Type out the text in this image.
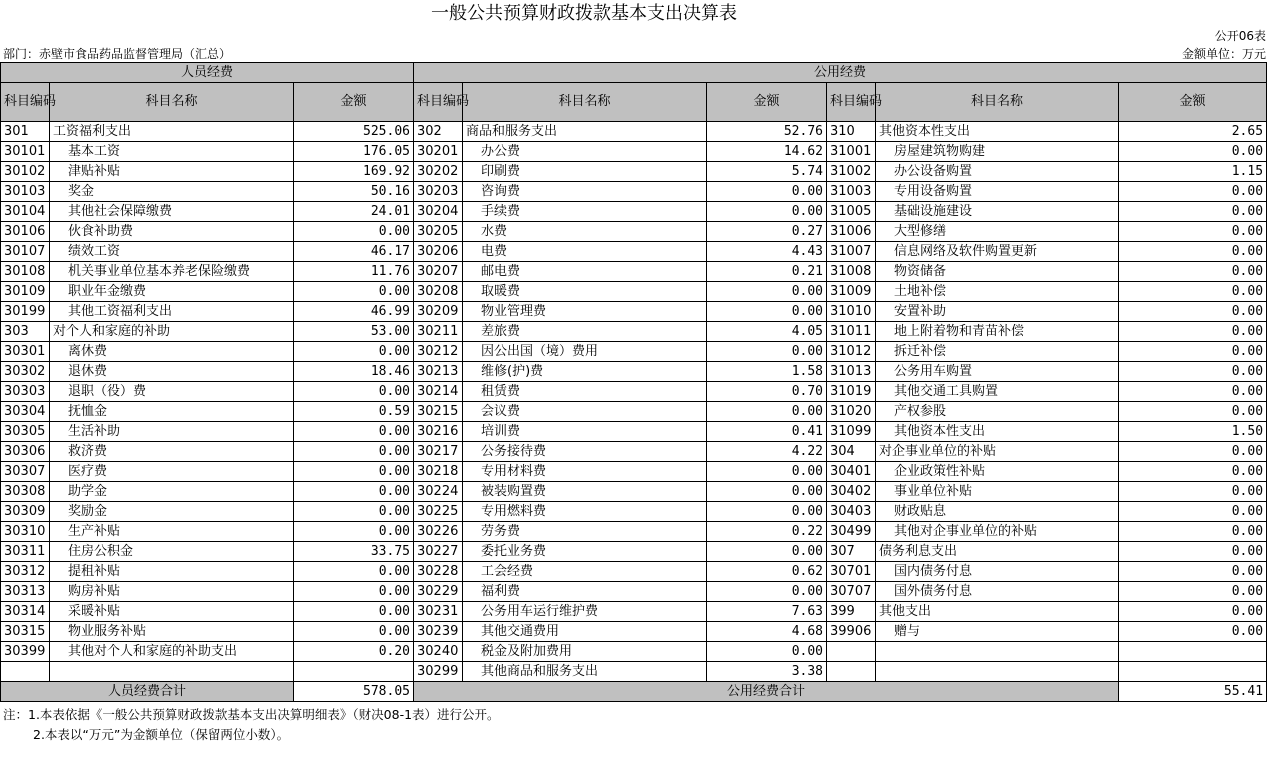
一般公共预算财政拨款基本支出决算表
公开06表
部门：赤壁市食品药品监督管理局（汇总）	金额单位：万元
人员经费			公用经费					
科目编码	科目名称	金额	科目编码	科目名称	金额	科目编码	科目名称	金额
301	工资福利支出	525.06	302	商品和服务支出	52.76	310	其他资本性支出	2.65
30101	基本工资	176.05	30201	办公费	14.62	31001	房屋建筑物购建	0.00
30102	津贴补贴	169.92	30202	印刷费	5.74	31002	办公设备购置	1.15
30103	奖金	50.16	30203	咨询费	0.00	31003	专用设备购置	0.00
30104	其他社会保障缴费	24.01	30204	手续费	0.00	31005	基础设施建设	0.00
30106	伙食补助费	0.00	30205	水费	0.27	31006	大型修缮	0.00
30107	绩效工资	46.17	30206	电费	4.43	31007	信息网络及软件购置更新	0.00
30108	机关事业单位基本养老保险缴费	11.76	30207	邮电费	0.21	31008	物资储备	0.00
30109	职业年金缴费	0.00	30208	取暖费	0.00	31009	土地补偿	0.00
30199	其他工资福利支出	46.99	30209	物业管理费	0.00	31010	安置补助	0.00
303	对个人和家庭的补助	53.00	30211	差旅费	4.05	31011	地上附着物和青苗补偿	0.00
30301	离休费	0.00	30212	因公出国（境）费用	0.00	31012	拆迁补偿	0.00
30302	退休费	18.46	30213	维修(护)费	1.58	31013	公务用车购置	0.00
30303	退职（役）费	0.00	30214	租赁费	0.70	31019	其他交通工具购置	0.00
30304	抚恤金	0.59	30215	会议费	0.00	31020	产权参股	0.00
30305	生活补助	0.00	30216	培训费	0.41	31099	其他资本性支出	1.50
30306	救济费	0.00	30217	公务接待费	4.22	304	对企事业单位的补贴	0.00
30307	医疗费	0.00	30218	专用材料费	0.00	30401	企业政策性补贴	0.00
30308	助学金	0.00	30224	被装购置费	0.00	30402	事业单位补贴	0.00
30309	奖励金	0.00	30225	专用燃料费	0.00	30403	财政贴息	0.00
30310	生产补贴	0.00	30226	劳务费	0.22	30499	其他对企事业单位的补贴	0.00
30311	住房公积金	33.75	30227	委托业务费	0.00	307	债务利息支出	0.00
30312	提租补贴	0.00	30228	工会经费	0.62	30701	国内债务付息	0.00
30313	购房补贴	0.00	30229	福利费	0.00	30707	国外债务付息	0.00
30314	采暖补贴	0.00	30231	公务用车运行维护费	7.63	399	其他支出	0.00
30315	物业服务补贴	0.00	30239	其他交通费用	4.68	39906	赠与	0.00
30399	其他对个人和家庭的补助支出	0.20	30240	税金及附加费用	0.00			
			30299	其他商品和服务支出	3.38			
人员经费合计		578.05	公用经费合计					55.41
注：1.本表依据《一般公共预算财政拨款基本支出决算明细表》（财决08-1表）进行公开。
2.本表以“万元”为金额单位（保留两位小数）。
